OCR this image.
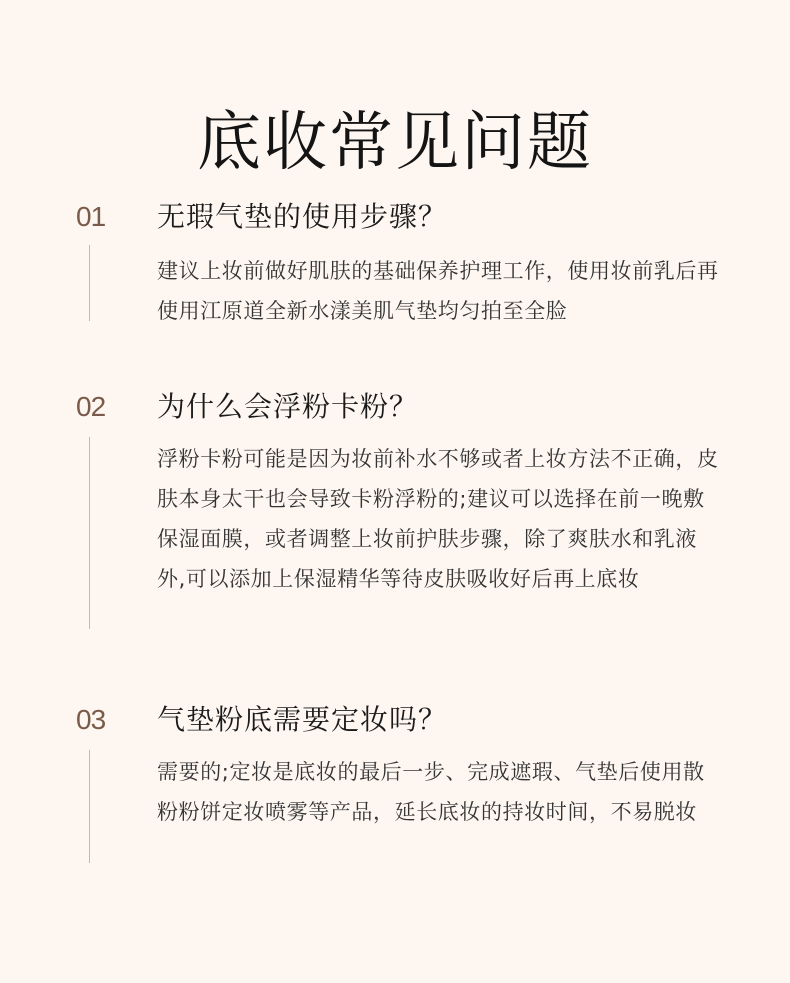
底收常见问题
01 无瑕气垫的使用步骤？
建议上妆前做好肌肤的基础保养护理工作，使用妆前乳后再使用江原道全新水漾美肌气垫均匀拍至全脸
02 为什么会浮粉卡粉？
浮粉卡粉可能是因为妆前补水不够或者上妆方法不正确，皮肤本身太干也会导致卡粉浮粉的;建议可以选择在前一晚敷保湿面膜，或者调整上妆前护肤步骤，除了爽肤水和乳液外,可以添加上保湿精华等待皮肤吸收好后再上底妆
03 气垫粉底需要定妆吗？
需要的;定妆是底妆的最后一步、完成遮瑕、气垫后使用散粉粉饼定妆喷雾等产品，延长底妆的持妆时间，不易脱妆
